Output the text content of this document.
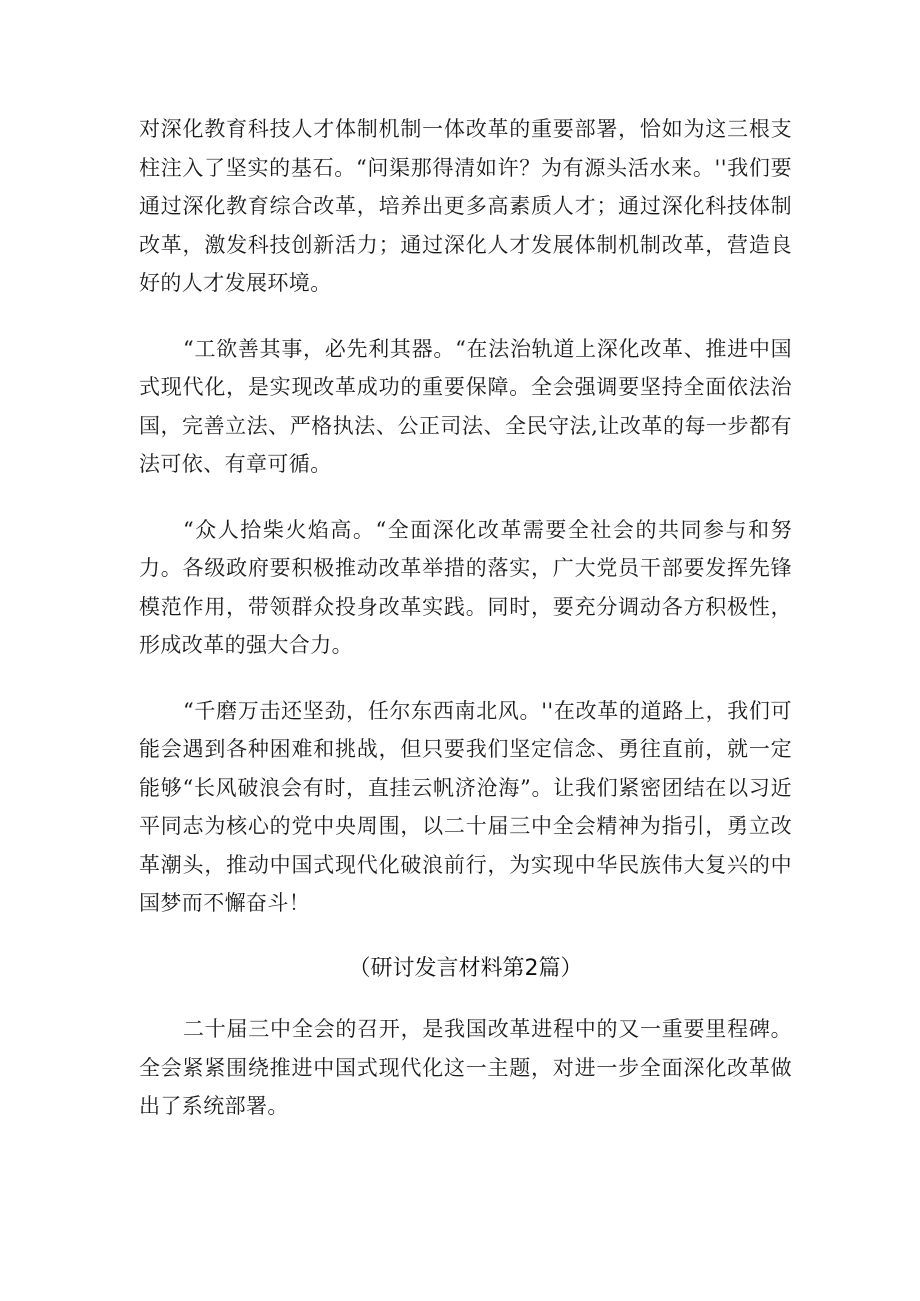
对深化教育科技人才体制机制一体改革的重要部署，恰如为这三根支柱注入了坚实的基石。“问渠那得清如许？为有源头活水来。''我们要通过深化教育综合改革，培养出更多高素质人才；通过深化科技体制改革，激发科技创新活力；通过深化人才发展体制机制改革，营造良好的人才发展环境。

“工欲善其事，必先利其器。“在法治轨道上深化改革、推进中国式现代化，是实现改革成功的重要保障。全会强调要坚持全面依法治国，完善立法、严格执法、公正司法、全民守法,让改革的每一步都有法可依、有章可循。

“众人拾柴火焰高。“全面深化改革需要全社会的共同参与和努力。各级政府要积极推动改革举措的落实，广大党员干部要发挥先锋模范作用，带领群众投身改革实践。同时，要充分调动各方积极性，形成改革的强大合力。

“千磨万击还坚劲，任尔东西南北风。''在改革的道路上，我们可能会遇到各种困难和挑战，但只要我们坚定信念、勇往直前，就一定能够“长风破浪会有时，直挂云帆济沧海”。让我们紧密团结在以习近平同志为核心的党中央周围，以二十届三中全会精神为指引，勇立改革潮头，推动中国式现代化破浪前行，为实现中华民族伟大复兴的中国梦而不懈奋斗！

（研讨发言材料第2篇）

二十届三中全会的召开，是我国改革进程中的又一重要里程碑。全会紧紧围绕推进中国式现代化这一主题，对进一步全面深化改革做出了系统部署。
